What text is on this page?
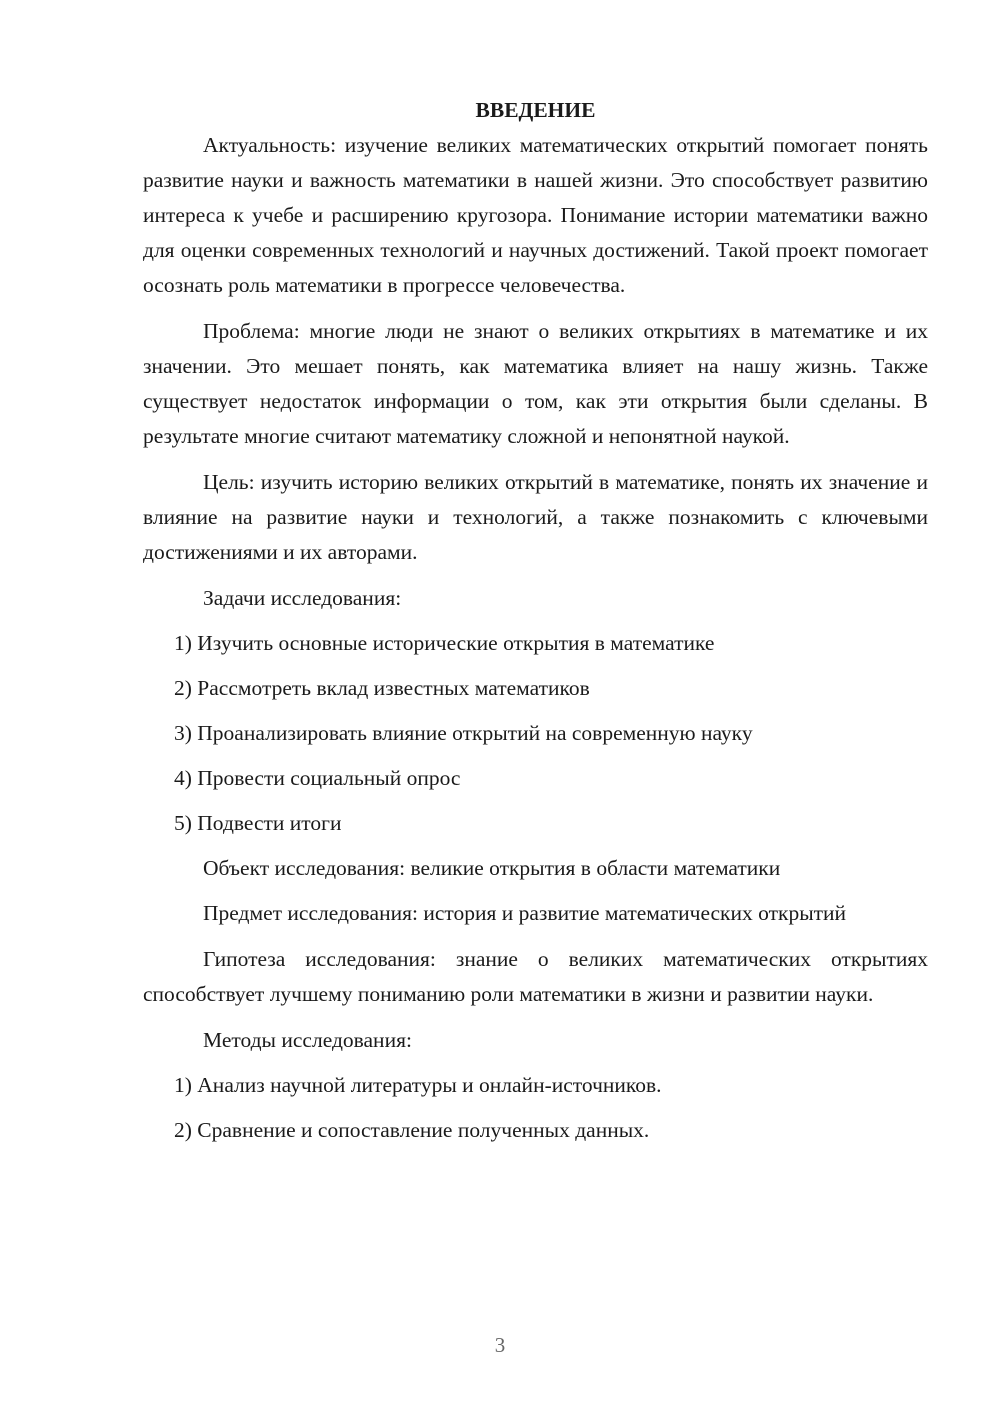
ВВЕДЕНИЕ

Актуальность: изучение великих математических открытий помогает понять развитие науки и важность математики в нашей жизни. Это способствует развитию интереса к учебе и расширению кругозора. Понимание истории математики важно для оценки современных технологий и научных достижений. Такой проект помогает осознать роль математики в прогрессе человечества.

Проблема: многие люди не знают о великих открытиях в математике и их значении. Это мешает понять, как математика влияет на нашу жизнь. Также существует недостаток информации о том, как эти открытия были сделаны. В результате многие считают математику сложной и непонятной наукой.

Цель: изучить историю великих открытий в математике, понять их значение и влияние на развитие науки и технологий, а также познакомить с ключевыми достижениями и их авторами.

Задачи исследования:

1) Изучить основные исторические открытия в математике

2) Рассмотреть вклад известных математиков

3) Проанализировать влияние открытий на современную науку

4) Провести социальный опрос

5) Подвести итоги

Объект исследования: великие открытия в области математики

Предмет исследования: история и развитие математических открытий

Гипотеза исследования: знание о великих математических открытиях способствует лучшему пониманию роли математики в жизни и развитии науки.

Методы исследования:

1) Анализ научной литературы и онлайн-источников.

2) Сравнение и сопоставление полученных данных.

3
